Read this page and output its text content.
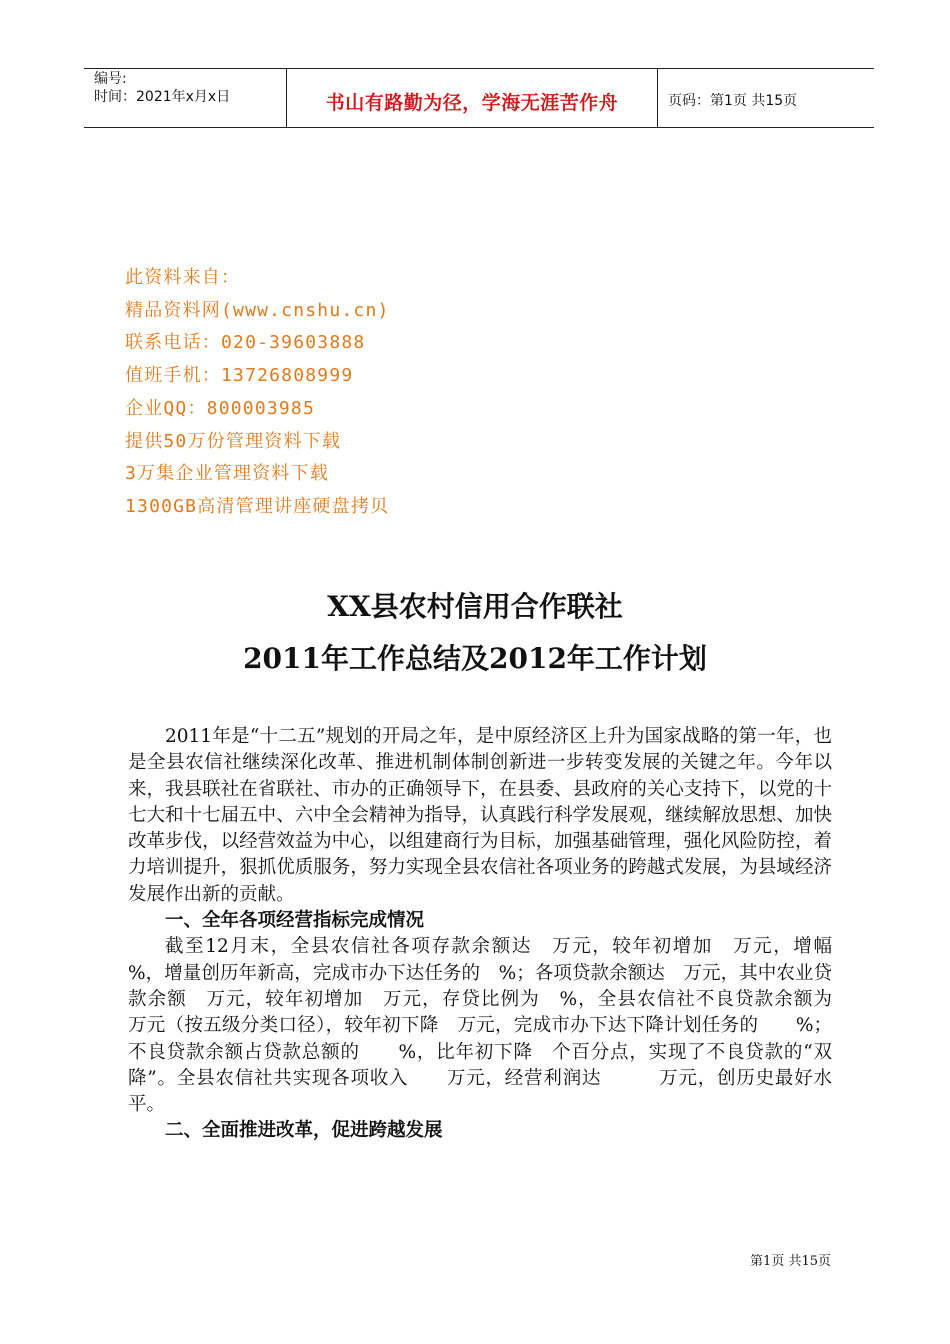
编号:
时间：2021年x月x日	书山有路勤为径，学海无涯苦作舟	页码：第1页 共15页
此资料来自：
精品资料网(www.cnshu.cn)
联系电话：020-39603888
值班手机：13726808999
企业QQ：800003985
提供50万份管理资料下载
3万集企业管理资料下载
1300GB高清管理讲座硬盘拷贝
XX县农村信用合作联社
2011年工作总结及2012年工作计划

2011年是“十二五”规划的开局之年，是中原经济区上升为国家战略的第一年，也是全县农信社继续深化改革、推进机制体制创新进一步转变发展的关键之年。今年以来，我县联社在省联社、市办的正确领导下，在县委、县政府的关心支持下，以党的十七大和十七届五中、六中全会精神为指导，认真践行科学发展观，继续解放思想、加快改革步伐，以经营效益为中心，以组建商行为目标，加强基础管理，强化风险防控，着力培训提升，狠抓优质服务，努力实现全县农信社各项业务的跨越式发展，为县域经济发展作出新的贡献。

一、全年各项经营指标完成情况

截至12月末，全县农信社各项存款余额达　万元，较年初增加　万元，增幅　%，增量创历年新高，完成市办下达任务的　%；各项贷款余额达　万元，其中农业贷款余额　万元，较年初增加　万元，存贷比例为　%，全县农信社不良贷款余额为　　万元（按五级分类口径），较年初下降　万元，完成市办下达下降计划任务的　　%；不良贷款余额占贷款总额的　　%，比年初下降　个百分点，实现了不良贷款的“双降”。全县农信社共实现各项收入　　万元，经营利润达　　　万元，创历史最好水平。

二、全面推进改革，促进跨越发展
第1页 共15页
